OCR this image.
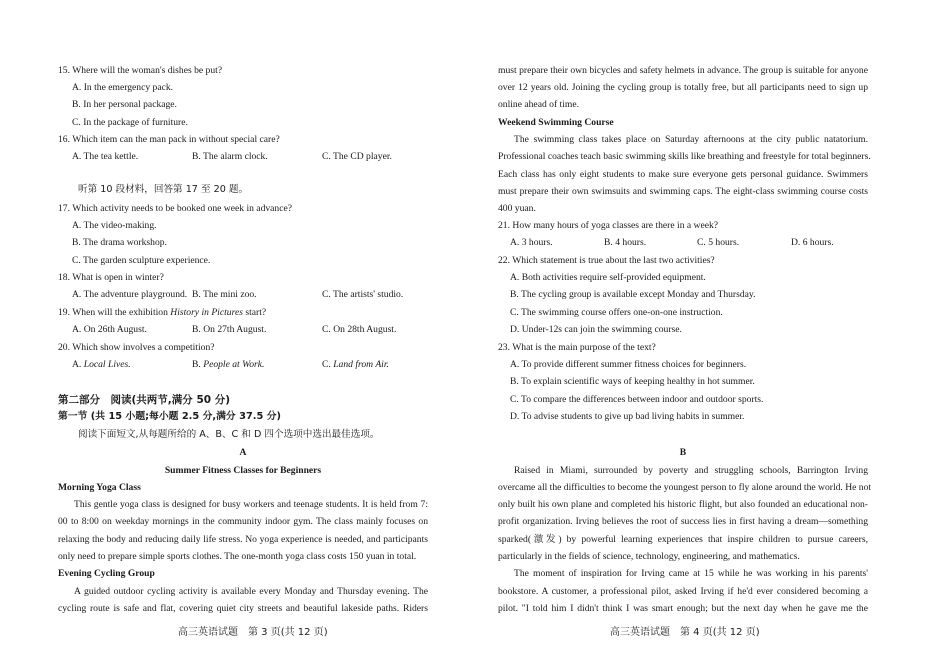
15. Where will the woman's dishes be put?
A. In the emergency pack.
B. In her personal package.
C. In the package of furniture.
16. Which item can the man pack in without special care?
A. The tea kettle.	B. The alarm clock.	C. The CD player.
听第 10 段材料，回答第 17 至 20 题。
17. Which activity needs to be booked one week in advance?
A. The video-making.
B. The drama workshop.
C. The garden sculpture experience.
18. What is open in winter?
A. The adventure playground. B. The mini zoo.	C. The artists' studio.
19. When will the exhibition History in Pictures start?
A. On 26th August.	B. On 27th August.	C. On 28th August.
20. Which show involves a competition?
A. Local Lives.	B. People at Work.	C. Land from Air.
第二部分　阅读(共两节,满分 50 分)
第一节 (共 15 小题;每小题 2.5 分,满分 37.5 分)
阅读下面短文,从每题所给的 A、B、C 和 D 四个选项中选出最佳选项。
A
Summer Fitness Classes for Beginners
Morning Yoga Class
This gentle yoga class is designed for busy workers and teenage students. It is held from 7:
00 to 8:00 on weekday mornings in the community indoor gym. The class mainly focuses on
relaxing the body and reducing daily life stress. No yoga experience is needed, and participants
only need to prepare simple sports clothes. The one-month yoga class costs 150 yuan in total.
Evening Cycling Group
A guided outdoor cycling activity is available every Monday and Thursday evening. The
cycling route is safe and flat, covering quiet city streets and beautiful lakeside paths. Riders
高三英语试题　第 3 页(共 12 页)
must prepare their own bicycles and safety helmets in advance. The group is suitable for anyone
over 12 years old. Joining the cycling group is totally free, but all participants need to sign up
online ahead of time.
Weekend Swimming Course
The swimming class takes place on Saturday afternoons at the city public natatorium.
Professional coaches teach basic swimming skills like breathing and freestyle for total beginners.
Each class has only eight students to make sure everyone gets personal guidance. Swimmers
must prepare their own swimsuits and swimming caps. The eight-class swimming course costs
400 yuan.
21. How many hours of yoga classes are there in a week?
A. 3 hours.	B. 4 hours.	C. 5 hours.	D. 6 hours.
22. Which statement is true about the last two activities?
A. Both activities require self-provided equipment.
B. The cycling group is available except Monday and Thursday.
C. The swimming course offers one-on-one instruction.
D. Under-12s can join the swimming course.
23. What is the main purpose of the text?
A. To provide different summer fitness choices for beginners.
B. To explain scientific ways of keeping healthy in hot summer.
C. To compare the differences between indoor and outdoor sports.
D. To advise students to give up bad living habits in summer.
B
Raised in Miami, surrounded by poverty and struggling schools, Barrington Irving
overcame all the difficulties to become the youngest person to fly alone around the world. He not
only built his own plane and completed his historic flight, but also founded an educational non-
profit organization. Irving believes the root of success lies in first having a dream—something
sparked(激发) by powerful learning experiences that inspire children to pursue careers,
particularly in the fields of science, technology, engineering, and mathematics.
The moment of inspiration for Irving came at 15 while he was working in his parents'
bookstore. A customer, a professional pilot, asked Irving if he'd ever considered becoming a
pilot. "I told him I didn't think I was smart enough; but the next day when he gave me the
高三英语试题　第 4 页(共 12 页)
